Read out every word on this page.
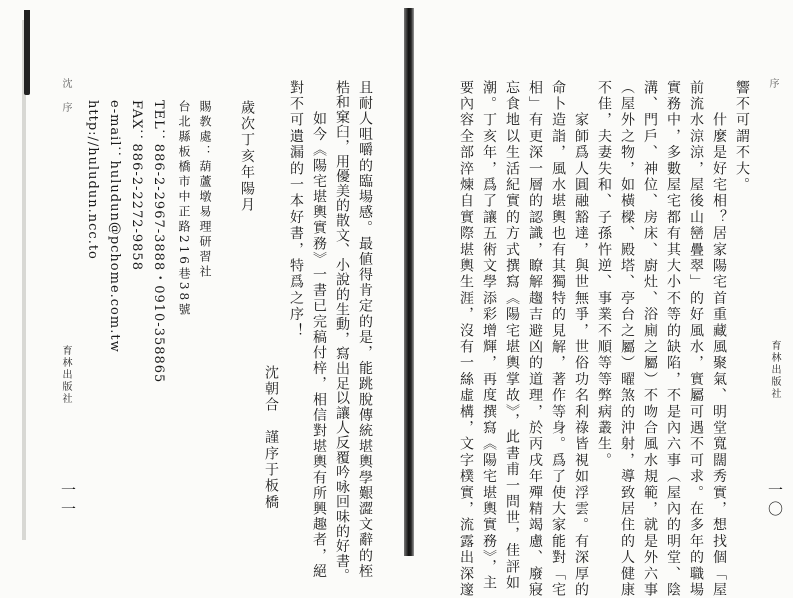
序
育林出版社
一〇
響不可謂不大。
　　什麼是好宅相？居家陽宅首重藏風聚氣、明堂寬闊秀實，想找個「屋
前流水涼涼，屋後山巒疊翠」的好風水，實屬可遇不可求。在多年的職場
實務中，多數屋宅都有其大小不等的缺陷，不是內六事（屋內的明堂、陰
溝、門戶、神位、房床、廚灶、浴廁之屬）不吻合風水規範，就是外六事
（屋外之物，如橫樑、殿塔、亭台之屬）曜煞的沖射，導致居住的人健康
不佳，夫妻失和、子孫忤逆、事業不順等等弊病叢生。
　　家師爲人圓融豁達，與世無爭，世俗功名利祿皆視如浮雲。有深厚的
命卜造詣，風水堪輿也有其獨特的見解，著作等身。爲了使大家能對「宅
相」有更深一層的認識，瞭解趨吉避凶的道理，於丙戌年殫精竭慮、廢寢
忘食地以生活紀實的方式撰寫《陽宅堪輿掌故》，此書甫一問世，佳評如
潮。丁亥年，爲了讓五術文學添彩增輝，再度撰寫《陽宅堪輿實務》，主
要內容全部淬煉自實際堪輿生涯，沒有一絲虛構，文字樸實，流露出深邃
且耐人咀嚼的臨場感。最値得肯定的是，能跳脫傳統堪輿學艱澀文辭的桎
梏和窠臼，用優美的散文、小說的生動，寫出足以讓人反覆吟咏回味的好書。
　　如今《陽宅堪輿實務》一書已完稿付梓，相信對堪輿有所興趣者，絕
對不可遺漏的一本好書，特爲之序！
沈朝合　謹序于板橋
歲次丁亥年陽月
賜教處：葫蘆墩易理研習社
台北縣板橋市中正路216巷38號
TEL：886-2-2967-3888・0910-358865
FAX：886-2-2272-9858
e-mail：huludun@pchome.com.tw
http://huludun.ncc.to
沈　序
育林出版社
一一
